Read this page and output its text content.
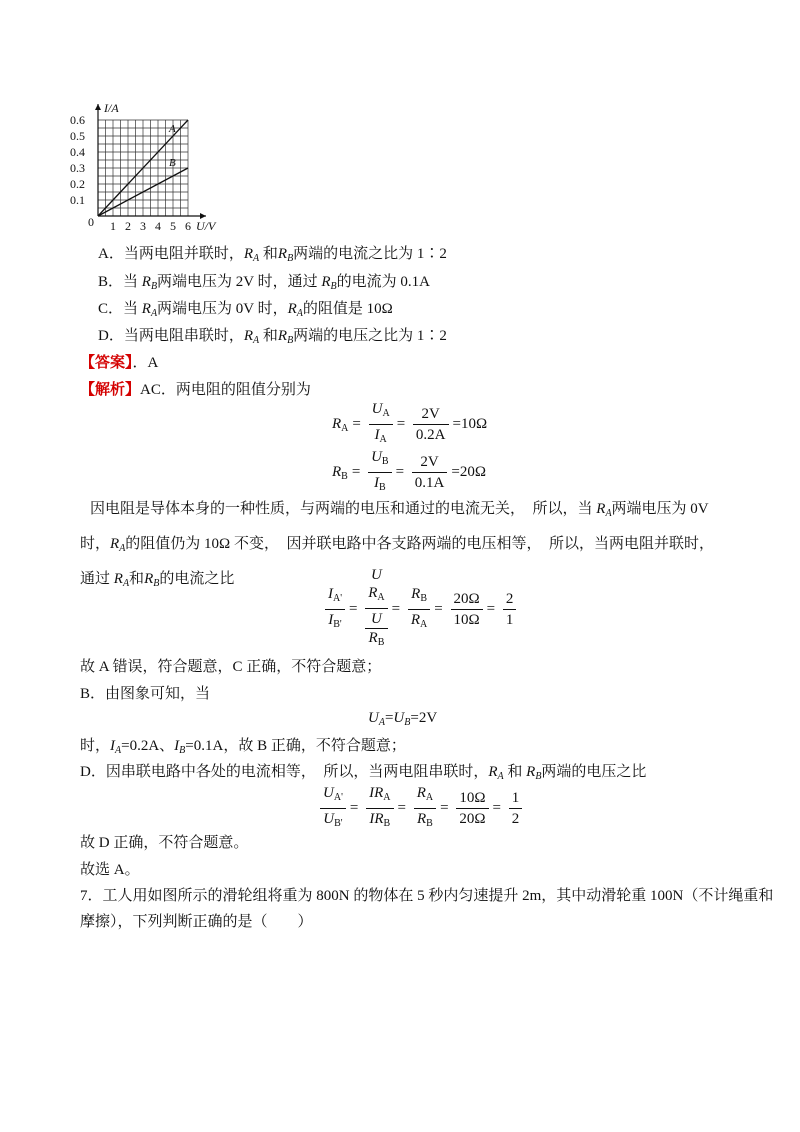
A
B
1 2 3 4 5 6
0.1
0.2
0.3
0.4
0.5
0.6
0	U/V
I/A
A．当两电阻并联时，$R_A$ 和$R_B$两端的电流之比为 1∶2
B．当 $R_B$两端电压为 2V 时，通过 $R_B$的电流为 0.1A
C．当 $R_A$两端电压为 0V 时，$R_A$的阻值是 10Ω
D．当两电阻串联时，$R_A$ 和$R_B$两端的电压之比为 1∶2
【答案】．A
【解析】AC．两电阻的阻值分别为
$R_A = \frac{U_A}{I_A} = \frac{2V}{0.2A} =10\Omega$
$R_B = \frac{U_B}{I_B} = \frac{2V}{0.1A} =20\Omega$
因电阻是导体本身的一种性质，与两端的电压和通过的电流无关，　所以，当 $R_A$两端电压为 0V 时，$R_A$的阻值仍为 10Ω 不变，　因并联电路中各支路两端的电压相等，　所以，当两电阻并联时，通过 $R_A$和$R_B$的电流之比
$\frac{I_{A'}}{I_{B'}}$ =
U
$R_A$
U
$R_B$
= $\frac{R_B}{R_A} = \frac{20\Omega}{10\Omega} = \frac{2}{1}$
故 A 错误，符合题意，C 正确，不符合题意；
B．由图象可知，当
$U_A=U_B=2V$
时，$I_A=0.2A$、$I_B=0.1A$，故 B 正确，不符合题意；
D．因串联电路中各处的电流相等，　所以，当两电阻串联时，$R_A$ 和 $R_B$两端的电压之比
$\frac{U_{A'}}{U_{B'}} = \frac{IR_A}{IR_B} = \frac{R_A}{R_B} = \frac{10\Omega}{20\Omega} = \frac{1}{2}$
故 D 正确，不符合题意。
故选 A。
7．工人用如图所示的滑轮组将重为 800N 的物体在 5 秒内匀速提升 2m，其中动滑轮重 100N（不计绳重和
摩擦），下列判断正确的是（　　）
